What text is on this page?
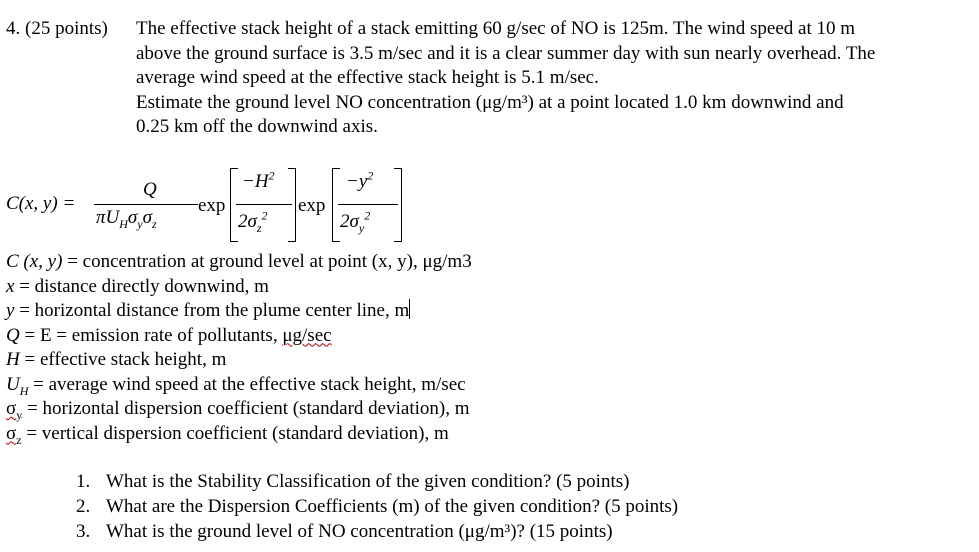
4. (25 points) The effective stack height of a stack emitting 60 g/sec of NO is 125m. The wind speed at 10 m
above the ground surface is 3.5 m/sec and it is a clear summer day with sun nearly overhead. The
average wind speed at the effective stack height is 5.1 m/sec.
Estimate the ground level NO concentration (μg/m³) at a point located 1.0 km downwind and
0.25 km off the downwind axis.
C(x, y) =
Q
$\pi U_H\sigma_y\sigma_z$
exp
$-H^2$
$2\sigma_z^2$ exp
$-y^2$
$2\sigma_y^2$
C (x, y) = concentration at ground level at point (x, y), μg/m3
x = distance directly downwind, m
y = horizontal distance from the plume center line, m
Q = E = emission rate of pollutants, μg/sec
H = effective stack height, m
$U_H$ = average wind speed at the effective stack height, m/sec
$\sigma_y$ = horizontal dispersion coefficient (standard deviation), m
$\sigma_z$ = vertical dispersion coefficient (standard deviation), m
1. What is the Stability Classification of the given condition? (5 points)
2. What are the Dispersion Coefficients (m) of the given condition? (5 points)
3. What is the ground level of NO concentration (μg/m³)? (15 points)
